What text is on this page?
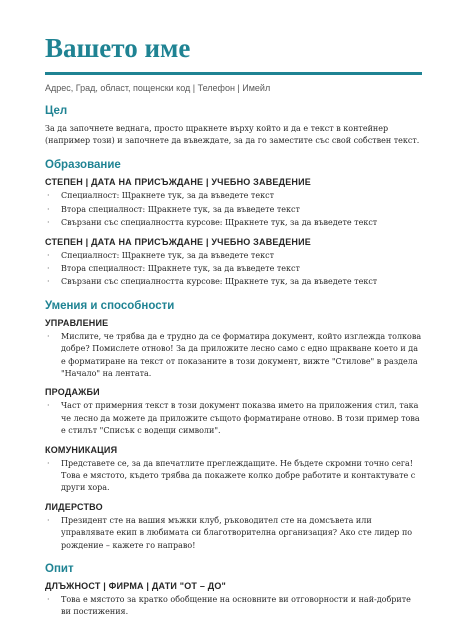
Вашето име
Адрес, Град, област, пощенски код | Телефон | Имейл
Цел

За да започнете веднага, просто щракнете върху който и да е текст в контейнер (например този) и започнете да въвеждате, за да го заместите със свой собствен текст.

Образование
СТЕПЕН | ДАТА НА ПРИСЪЖДАНЕ | УЧЕБНО ЗАВЕДЕНИЕ
· Специалност: Щракнете тук, за да въведете текст
· Втора специалност: Щракнете тук, за да въведете текст
· Свързани със специалността курсове: Щракнете тук, за да въведете текст
СТЕПЕН | ДАТА НА ПРИСЪЖДАНЕ | УЧЕБНО ЗАВЕДЕНИЕ
· Специалност: Щракнете тук, за да въведете текст
· Втора специалност: Щракнете тук, за да въведете текст
· Свързани със специалността курсове: Щракнете тук, за да въведете текст
Умения и способности
УПРАВЛЕНИЕ
· Мислите, че трябва да е трудно да се форматира документ, който изглежда толкова добре? Помислете отново! За да приложите лесно само с едно щракване което и да е форматиране на текст от показаните в този документ, вижте "Стилове" в раздела "Начало" на лентата.
ПРОДАЖБИ
· Част от примерния текст в този документ показва името на приложения стил, така че лесно да можете да приложите същото форматиране отново. В този пример това е стилът "Списък с водещи символи".
КОМУНИКАЦИЯ
· Представете се, за да впечатлите преглеждащите. Не бъдете скромни точно сега! Това е мястото, където трябва да покажете колко добре работите и контактувате с други хора.
ЛИДЕРСТВО
· Президент сте на вашия мъжки клуб, ръководител сте на домсъвета или управлявате екип в любимата си благотворителна организация? Ако сте лидер по рождение – кажете го направо!
Опит
ДЛЪЖНОСТ | ФИРМА | ДАТИ "ОТ – ДО"
· Това е мястото за кратко обобщение на основните ви отговорности и най-добрите ви постижения.
